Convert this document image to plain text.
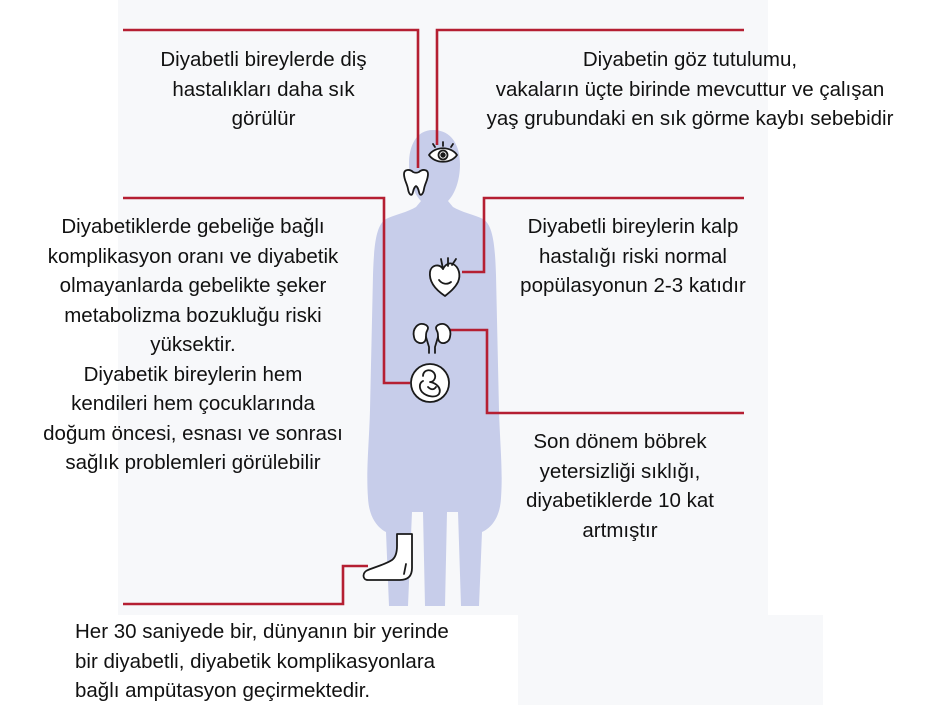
Diyabetli bireylerde diş
hastalıkları daha sık
görülür
Diyabetin göz tutulumu,
vakaların üçte birinde mevcuttur ve çalışan
yaş grubundaki en sık görme kaybı sebebidir
Diyabetiklerde gebeliğe bağlı
komplikasyon oranı ve diyabetik
olmayanlarda gebelikte şeker
metabolizma bozukluğu riski
yüksektir.
Diyabetik bireylerin hem
kendileri hem çocuklarında
doğum öncesi, esnası ve sonrası
sağlık problemleri görülebilir
Diyabetli bireylerin kalp
hastalığı riski normal
popülasyonun 2-3 katıdır
Son dönem böbrek
yetersizliği sıklığı,
diyabetiklerde 10 kat
artmıştır
Her 30 saniyede bir, dünyanın bir yerinde
bir diyabetli, diyabetik komplikasyonlara
bağlı ampütasyon geçirmektedir.
